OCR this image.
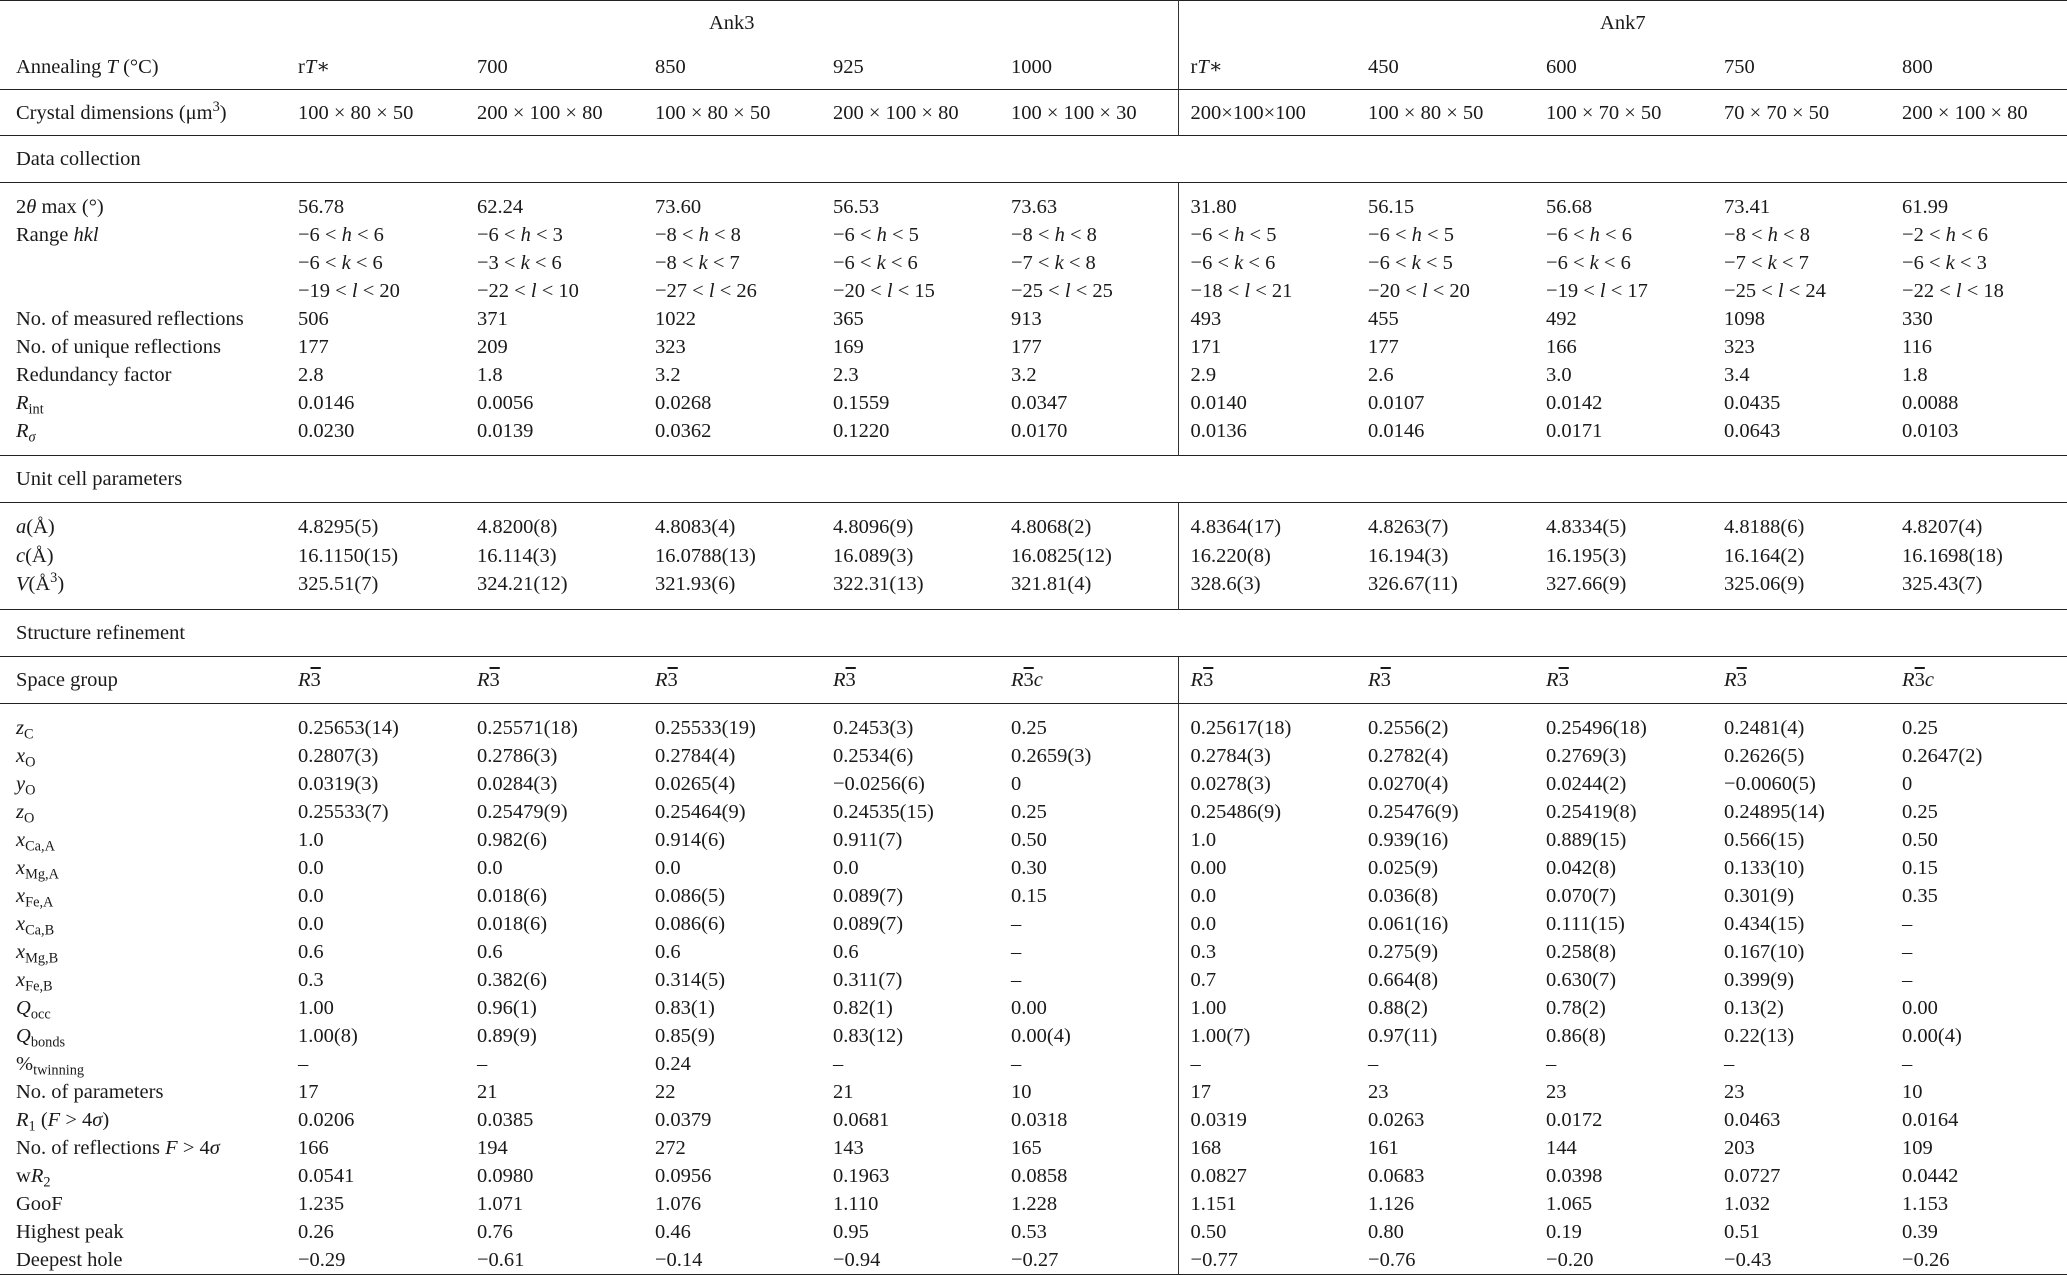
	Ank3					Ank7				
Annealing T (°C)	rT∗	700	850	925	1000	rT∗	450	600	750	800
Crystal dimensions $(\mu m^3)$	100 × 80 × 50	200 × 100 × 80	100 × 80 × 50	200 × 100 × 80	100 × 100 × 30	200×100×100	100 × 80 × 50	100 × 70 × 50	70 × 70 × 50	200 × 100 × 80
Data collection										

2θ max (°)	56.78	62.24	73.60	56.53	73.63	31.80	56.15	56.68	73.41	61.99
Range hkl	−6 < h < 6	−6 < h < 3	−8 < h < 8	−6 < h < 5	−8 < h < 8	−6 < h < 5	−6 < h < 5	−6 < h < 6	−8 < h < 8	−2 < h < 6
	−6 < k < 6	−3 < k < 6	−8 < k < 7	−6 < k < 6	−7 < k < 8	−6 < k < 6	−6 < k < 5	−6 < k < 6	−7 < k < 7	−6 < k < 3
	−19 < l < 20	−22 < l < 10	−27 < l < 26	−20 < l < 15	−25 < l < 25	−18 < l < 21	−20 < l < 20	−19 < l < 17	−25 < l < 24	−22 < l < 18
No. of measured reflections	506	371	1022	365	913	493	455	492	1098	330
No. of unique reflections	177	209	323	169	177	171	177	166	323	116
Redundancy factor	2.8	1.8	3.2	2.3	3.2	2.9	2.6	3.0	3.4	1.8
$R_{int}$	0.0146	0.0056	0.0268	0.1559	0.0347	0.0140	0.0107	0.0142	0.0435	0.0088
$R_\sigma$	0.0230	0.0139	0.0362	0.1220	0.0170	0.0136	0.0146	0.0171	0.0643	0.0103

Unit cell parameters										

a(Å)	4.8295(5)	4.8200(8)	4.8083(4)	4.8096(9)	4.8068(2)	4.8364(17)	4.8263(7)	4.8334(5)	4.8188(6)	4.8207(4)
c(Å)	16.1150(15)	16.114(3)	16.0788(13)	16.089(3)	16.0825(12)	16.220(8)	16.194(3)	16.195(3)	16.164(2)	16.1698(18)
$V(Å^3)$	325.51(7)	324.21(12)	321.93(6)	322.31(13)	321.81(4)	328.6(3)	326.67(11)	327.66(9)	325.06(9)	325.43(7)

Structure refinement										
Space group	R3	R3	R3	R3	R3c	R3	R3	R3	R3	R3c

$z_C$	0.25653(14)	0.25571(18)	0.25533(19)	0.2453(3)	0.25	0.25617(18)	0.2556(2)	0.25496(18)	0.2481(4)	0.25
$x_O$	0.2807(3)	0.2786(3)	0.2784(4)	0.2534(6)	0.2659(3)	0.2784(3)	0.2782(4)	0.2769(3)	0.2626(5)	0.2647(2)
$y_O$	0.0319(3)	0.0284(3)	0.0265(4)	−0.0256(6)	0	0.0278(3)	0.0270(4)	0.0244(2)	−0.0060(5)	0
$z_O$	0.25533(7)	0.25479(9)	0.25464(9)	0.24535(15)	0.25	0.25486(9)	0.25476(9)	0.25419(8)	0.24895(14)	0.25
$x_{Ca,A}$	1.0	0.982(6)	0.914(6)	0.911(7)	0.50	1.0	0.939(16)	0.889(15)	0.566(15)	0.50
$x_{Mg,A}$	0.0	0.0	0.0	0.0	0.30	0.00	0.025(9)	0.042(8)	0.133(10)	0.15
$x_{Fe,A}$	0.0	0.018(6)	0.086(5)	0.089(7)	0.15	0.0	0.036(8)	0.070(7)	0.301(9)	0.35
$x_{Ca,B}$	0.0	0.018(6)	0.086(6)	0.089(7)	–	0.0	0.061(16)	0.111(15)	0.434(15)	–
$x_{Mg,B}$	0.6	0.6	0.6	0.6	–	0.3	0.275(9)	0.258(8)	0.167(10)	–
$x_{Fe,B}$	0.3	0.382(6)	0.314(5)	0.311(7)	–	0.7	0.664(8)	0.630(7)	0.399(9)	–
$Q_{occ}$	1.00	0.96(1)	0.83(1)	0.82(1)	0.00	1.00	0.88(2)	0.78(2)	0.13(2)	0.00
$Q_{bonds}$	1.00(8)	0.89(9)	0.85(9)	0.83(12)	0.00(4)	1.00(7)	0.97(11)	0.86(8)	0.22(13)	0.00(4)
$\%_{twinning}$	–	–	0.24	–	–	–	–	–	–	–
No. of parameters	17	21	22	21	10	17	23	23	23	10
$R_1$ (F > 4σ)	0.0206	0.0385	0.0379	0.0681	0.0318	0.0319	0.0263	0.0172	0.0463	0.0164
No. of reflections F > 4σ	166	194	272	143	165	168	161	144	203	109
$wR_2$	0.0541	0.0980	0.0956	0.1963	0.0858	0.0827	0.0683	0.0398	0.0727	0.0442
GooF	1.235	1.071	1.076	1.110	1.228	1.151	1.126	1.065	1.032	1.153
Highest peak	0.26	0.76	0.46	0.95	0.53	0.50	0.80	0.19	0.51	0.39
Deepest hole	−0.29	−0.61	−0.14	−0.94	−0.27	−0.77	−0.76	−0.20	−0.43	−0.26
